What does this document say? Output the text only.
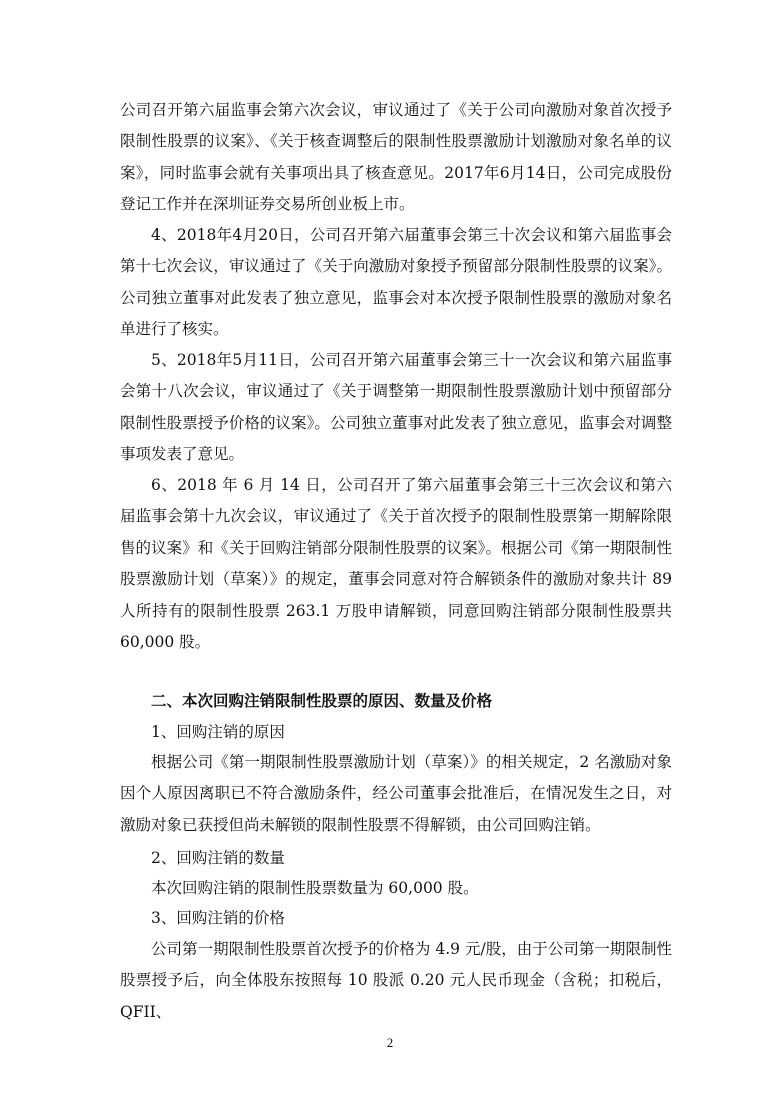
公司召开第六届监事会第六次会议，审议通过了《关于公司向激励对象首次授予限制性股票的议案》、《关于核查调整后的限制性股票激励计划激励对象名单的议案》，同时监事会就有关事项出具了核查意见。2017年6月14日，公司完成股份登记工作并在深圳证券交易所创业板上市。

4、2018年4月20日，公司召开第六届董事会第三十次会议和第六届监事会第十七次会议，审议通过了《关于向激励对象授予预留部分限制性股票的议案》。公司独立董事对此发表了独立意见，监事会对本次授予限制性股票的激励对象名单进行了核实。

5、2018年5月11日，公司召开第六届董事会第三十一次会议和第六届监事会第十八次会议，审议通过了《关于调整第一期限制性股票激励计划中预留部分限制性股票授予价格的议案》。公司独立董事对此发表了独立意见，监事会对调整事项发表了意见。

6、2018 年 6 月 14 日，公司召开了第六届董事会第三十三次会议和第六届监事会第十九次会议，审议通过了《关于首次授予的限制性股票第一期解除限售的议案》和《关于回购注销部分限制性股票的议案》。根据公司《第一期限制性股票激励计划（草案）》的规定，董事会同意对符合解锁条件的激励对象共计 89 人所持有的限制性股票 263.1 万股申请解锁，同意回购注销部分限制性股票共 60,000 股。

二、本次回购注销限制性股票的原因、数量及价格

1、回购注销的原因

根据公司《第一期限制性股票激励计划（草案）》的相关规定，2 名激励对象因个人原因离职已不符合激励条件，经公司董事会批准后，在情况发生之日，对激励对象已获授但尚未解锁的限制性股票不得解锁，由公司回购注销。

2、回购注销的数量

本次回购注销的限制性股票数量为 60,000 股。

3、回购注销的价格

公司第一期限制性股票首次授予的价格为 4.9 元/股，由于公司第一期限制性股票授予后，向全体股东按照每 10 股派 0.20 元人民币现金（含税；扣税后，QFII、

2
